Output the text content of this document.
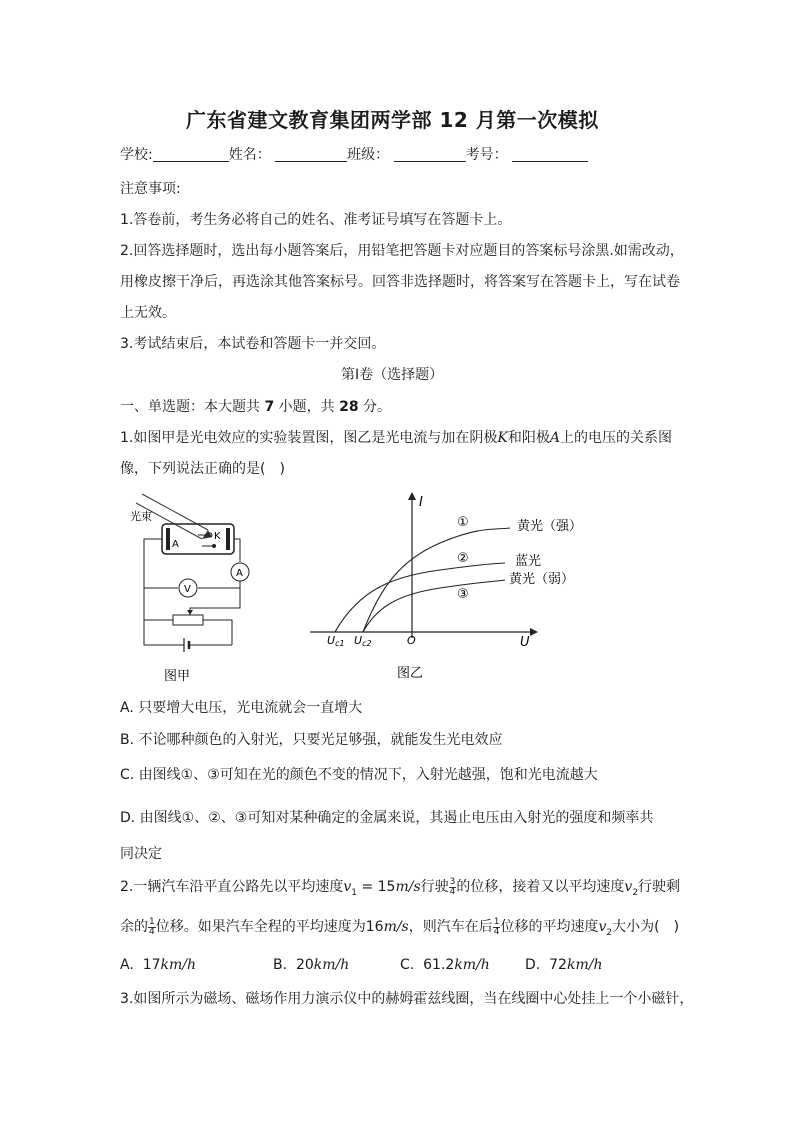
广东省建文教育集团两学部 12 月第一次模拟
学校:	姓名：	班级：	考号：
注意事项:
1.答卷前，考生务必将自己的姓名、准考证号填写在答题卡上。
2.回答选择题时，选出每小题答案后，用铅笔把答题卡对应题目的答案标号涂黑.如需改动，
用橡皮擦干净后，再选涂其他答案标号。回答非选择题时，将答案写在答题卡上，写在试卷
上无效。
3.考试结束后，本试卷和答题卡一并交回。
第Ⅰ卷（选择题）
一、单选题：本大题共 7 小题，共 28 分。
1.如图甲是光电效应的实验装置图，图乙是光电流与加在阴极K和阳极A上的电压的关系图
像，下列说法正确的是(　)
光束
A
K
A
V
图甲
I
U
O
Uc1 Uc2
①
②
③
黄光（强）
蓝光
黄光（弱）
图乙
A. 只要增大电压，光电流就会一直增大
B. 不论哪种颜色的入射光，只要光足够强，就能发生光电效应
C. 由图线①、③可知在光的颜色不变的情况下，入射光越强，饱和光电流越大
D. 由图线①、②、③可知对某种确定的金属来说，其遏止电压由入射光的强度和频率共
同决定
2.一辆汽车沿平直公路先以平均速度$v_1 = 15m/s$行驶 $\frac{3}{4}$ 的位移，接着又以平均速度$v_2$行驶剩
余的 $\frac{1}{4}$ 位移。如果汽车全程的平均速度为16m/s，则汽车在后 $\frac{1}{4}$ 位移的平均速度$v_2$大小为(　)
A. 17km/h	B. 20km/h	C. 61.2km/h	D. 72km/h
3.如图所示为磁场、磁场作用力演示仪中的赫姆霍兹线圈，当在线圈中心处挂上一个小磁针，
